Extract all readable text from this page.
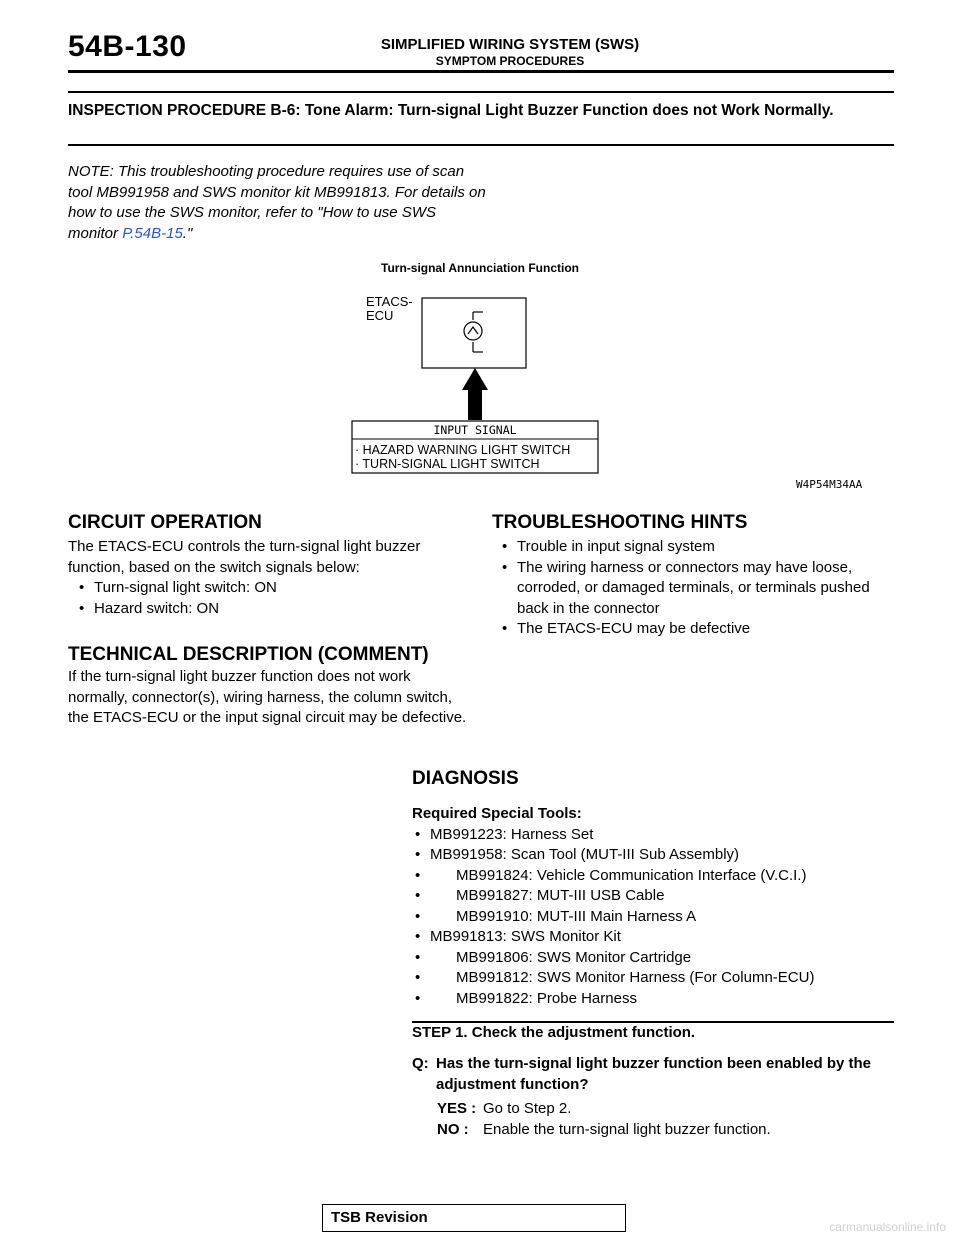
54B-130	SIMPLIFIED WIRING SYSTEM (SWS)
SYMPTOM PROCEDURES
INSPECTION PROCEDURE B-6: Tone Alarm: Turn-signal Light Buzzer Function does not Work Normally.
NOTE: This troubleshooting procedure requires use of scan tool MB991958 and SWS monitor kit MB991813. For details on how to use the SWS monitor, refer to "How to use SWS monitor P.54B-15."
Turn-signal Annunciation Function
ETACS-
ECU
INPUT SIGNAL
· HAZARD WARNING LIGHT SWITCH
· TURN-SIGNAL LIGHT SWITCH
W4P54M34AA
CIRCUIT OPERATION
The ETACS-ECU controls the turn-signal light buzzer function, based on the switch signals below:
• Turn-signal light switch: ON
• Hazard switch: ON
TECHNICAL DESCRIPTION (COMMENT)
If the turn-signal light buzzer function does not work normally, connector(s), wiring harness, the column switch, the ETACS-ECU or the input signal circuit may be defective.
TROUBLESHOOTING HINTS
• Trouble in input signal system
• The wiring harness or connectors may have loose, corroded, or damaged terminals, or terminals pushed back in the connector
• The ETACS-ECU may be defective
DIAGNOSIS
Required Special Tools:
• MB991223: Harness Set
• MB991958: Scan Tool (MUT-III Sub Assembly)
• MB991824: Vehicle Communication Interface (V.C.I.)
• MB991827: MUT-III USB Cable
• MB991910: MUT-III Main Harness A
• MB991813: SWS Monitor Kit
• MB991806: SWS Monitor Cartridge
• MB991812: SWS Monitor Harness (For Column-ECU)
• MB991822: Probe Harness
STEP 1. Check the adjustment function.
Q: Has the turn-signal light buzzer function been enabled by the adjustment function?
YES : Go to Step 2.
NO : Enable the turn-signal light buzzer function.
TSB Revision
carmanualsonline.info
